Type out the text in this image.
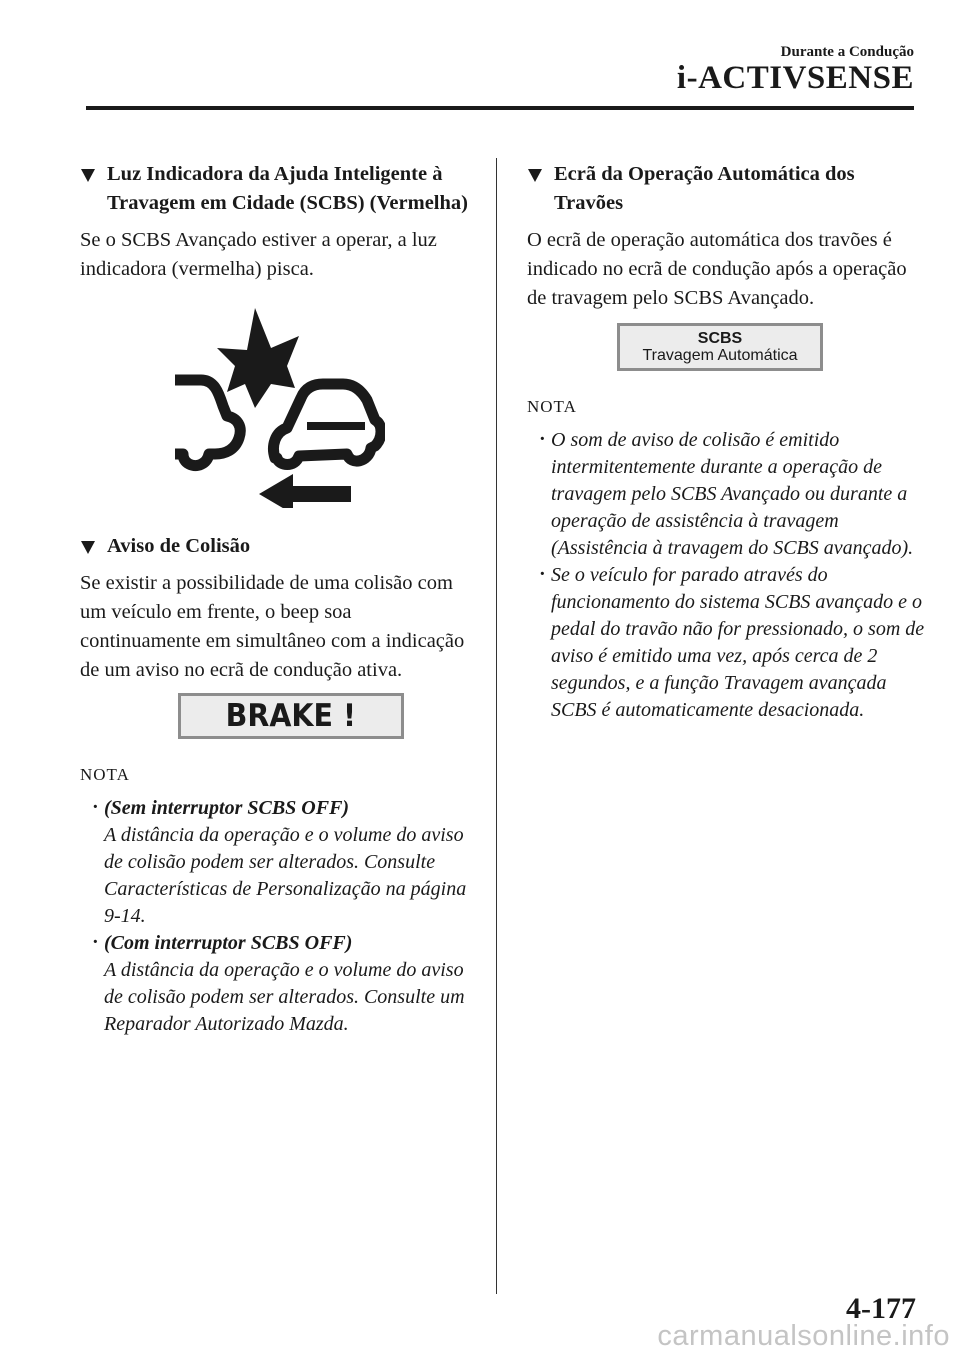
Durante a Condução
i-ACTIVSENSE
Luz Indicadora da Ajuda Inteligente à Travagem em Cidade (SCBS) (Vermelha)

Se o SCBS Avançado estiver a operar, a luz indicadora (vermelha) pisca.

Aviso de Colisão

Se existir a possibilidade de uma colisão com um veículo em frente, o beep soa continuamente em simultâneo com a indicação de um aviso no ecrã de condução ativa.

BRAKE !

NOTA

· (Sem interruptor SCBS OFF)
A distância da operação e o volume do aviso de colisão podem ser alterados. Consulte Características de Personalização na página 9-14.
· (Com interruptor SCBS OFF)
A distância da operação e o volume do aviso de colisão podem ser alterados. Consulte um Reparador Autorizado Mazda.
Ecrã da Operação Automática dos Travões

O ecrã de operação automática dos travões é indicado no ecrã de condução após a operação de travagem pelo SCBS Avançado.

SCBS
Travagem Automática

NOTA

· O som de aviso de colisão é emitido intermitentemente durante a operação de travagem pelo SCBS Avançado ou durante a operação de assistência à travagem (Assistência à travagem do SCBS avançado).
· Se o veículo for parado através do funcionamento do sistema SCBS avançado e o pedal do travão não for pressionado, o som de aviso é emitido uma vez, após cerca de 2 segundos, e a função Travagem avançada SCBS é automaticamente desacionada.
4-177
carmanualsonline.info
